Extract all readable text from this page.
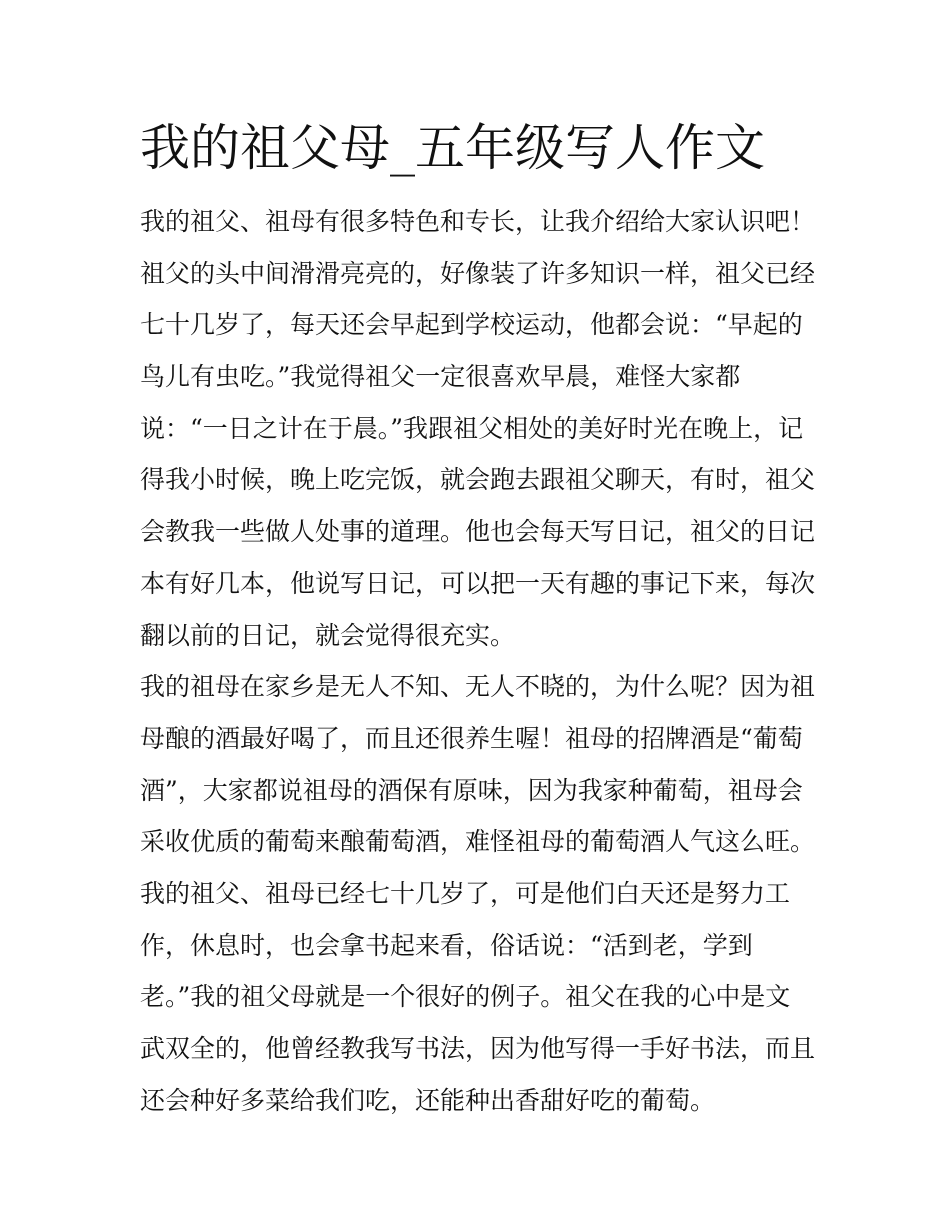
我的祖父母_五年级写人作文
我的祖父、祖母有很多特色和专长，让我介绍给大家认识吧！
祖父的头中间滑滑亮亮的，好像装了许多知识一样，祖父已经
七十几岁了，每天还会早起到学校运动，他都会说：“早起的
鸟儿有虫吃。”我觉得祖父一定很喜欢早晨，难怪大家都
说：“一日之计在于晨。”我跟祖父相处的美好时光在晚上，记
得我小时候，晚上吃完饭，就会跑去跟祖父聊天，有时，祖父
会教我一些做人处事的道理。他也会每天写日记，祖父的日记
本有好几本，他说写日记，可以把一天有趣的事记下来，每次
翻以前的日记，就会觉得很充实。
我的祖母在家乡是无人不知、无人不晓的，为什么呢？因为祖
母酿的酒最好喝了，而且还很养生喔！祖母的招牌酒是“葡萄
酒”，大家都说祖母的酒保有原味，因为我家种葡萄，祖母会
采收优质的葡萄来酿葡萄酒，难怪祖母的葡萄酒人气这么旺。
我的祖父、祖母已经七十几岁了，可是他们白天还是努力工
作，休息时，也会拿书起来看，俗话说：“活到老，学到
老。”我的祖父母就是一个很好的例子。祖父在我的心中是文
武双全的，他曾经教我写书法，因为他写得一手好书法，而且
还会种好多菜给我们吃，还能种出香甜好吃的葡萄。
